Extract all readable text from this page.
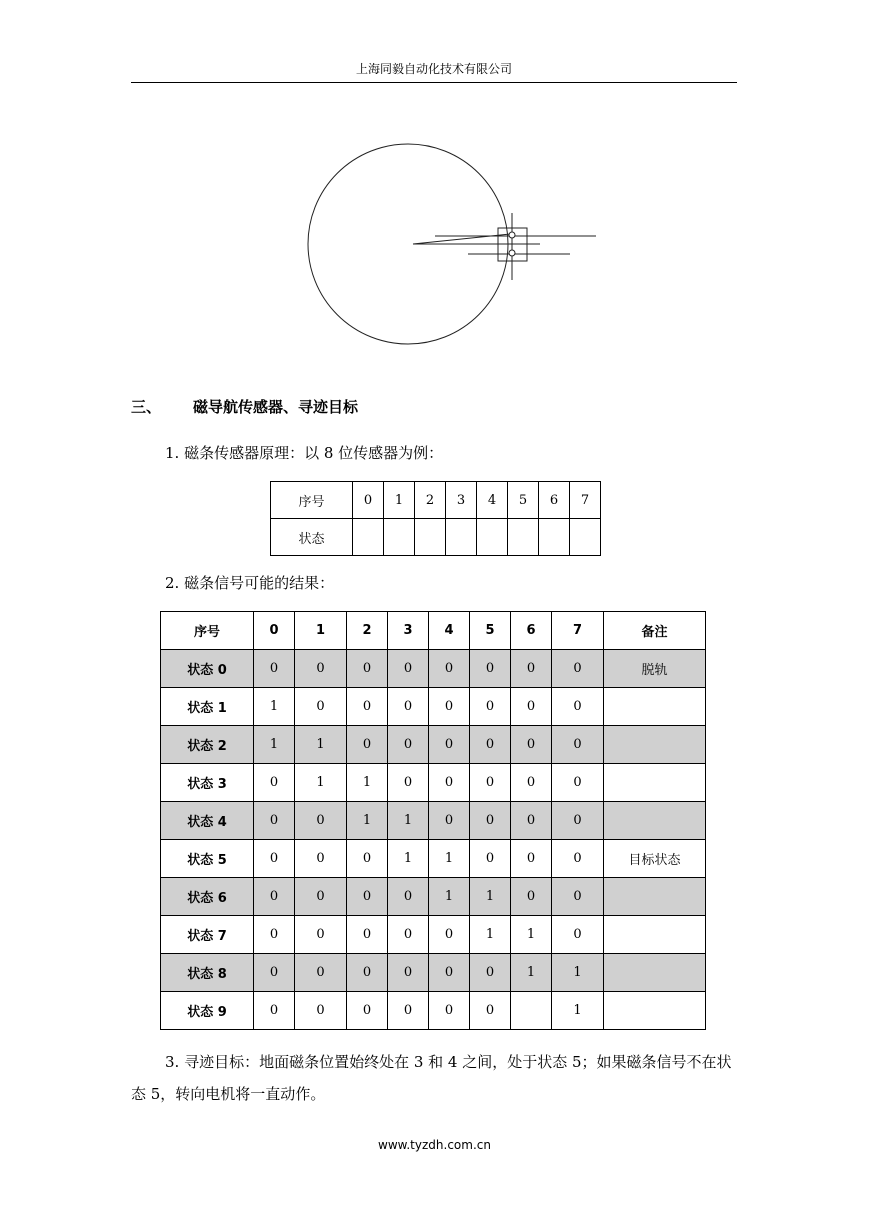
上海同毅自动化技术有限公司
三、 磁导航传感器、寻迹目标
1. 磁条传感器原理：以 8 位传感器为例：
序号	0	1	2	3	4	5	6	7
状态								
2. 磁条信号可能的结果：
序号	0	1	2	3	4	5	6	7	备注
状态 0	0	0	0	0	0	0	0	0	脱轨
状态 1	1	0	0	0	0	0	0	0	
状态 2	1	1	0	0	0	0	0	0	
状态 3	0	1	1	0	0	0	0	0	
状态 4	0	0	1	1	0	0	0	0	
状态 5	0	0	0	1	1	0	0	0	目标状态
状态 6	0	0	0	0	1	1	0	0	
状态 7	0	0	0	0	0	1	1	0	
状态 8	0	0	0	0	0	0	1	1	
状态 9	0	0	0	0	0	0		1	
3. 寻迹目标：地面磁条位置始终处在 3 和 4 之间，处于状态 5；如果磁条信号不在状态 5，转向电机将一直动作。
www.tyzdh.com.cn
